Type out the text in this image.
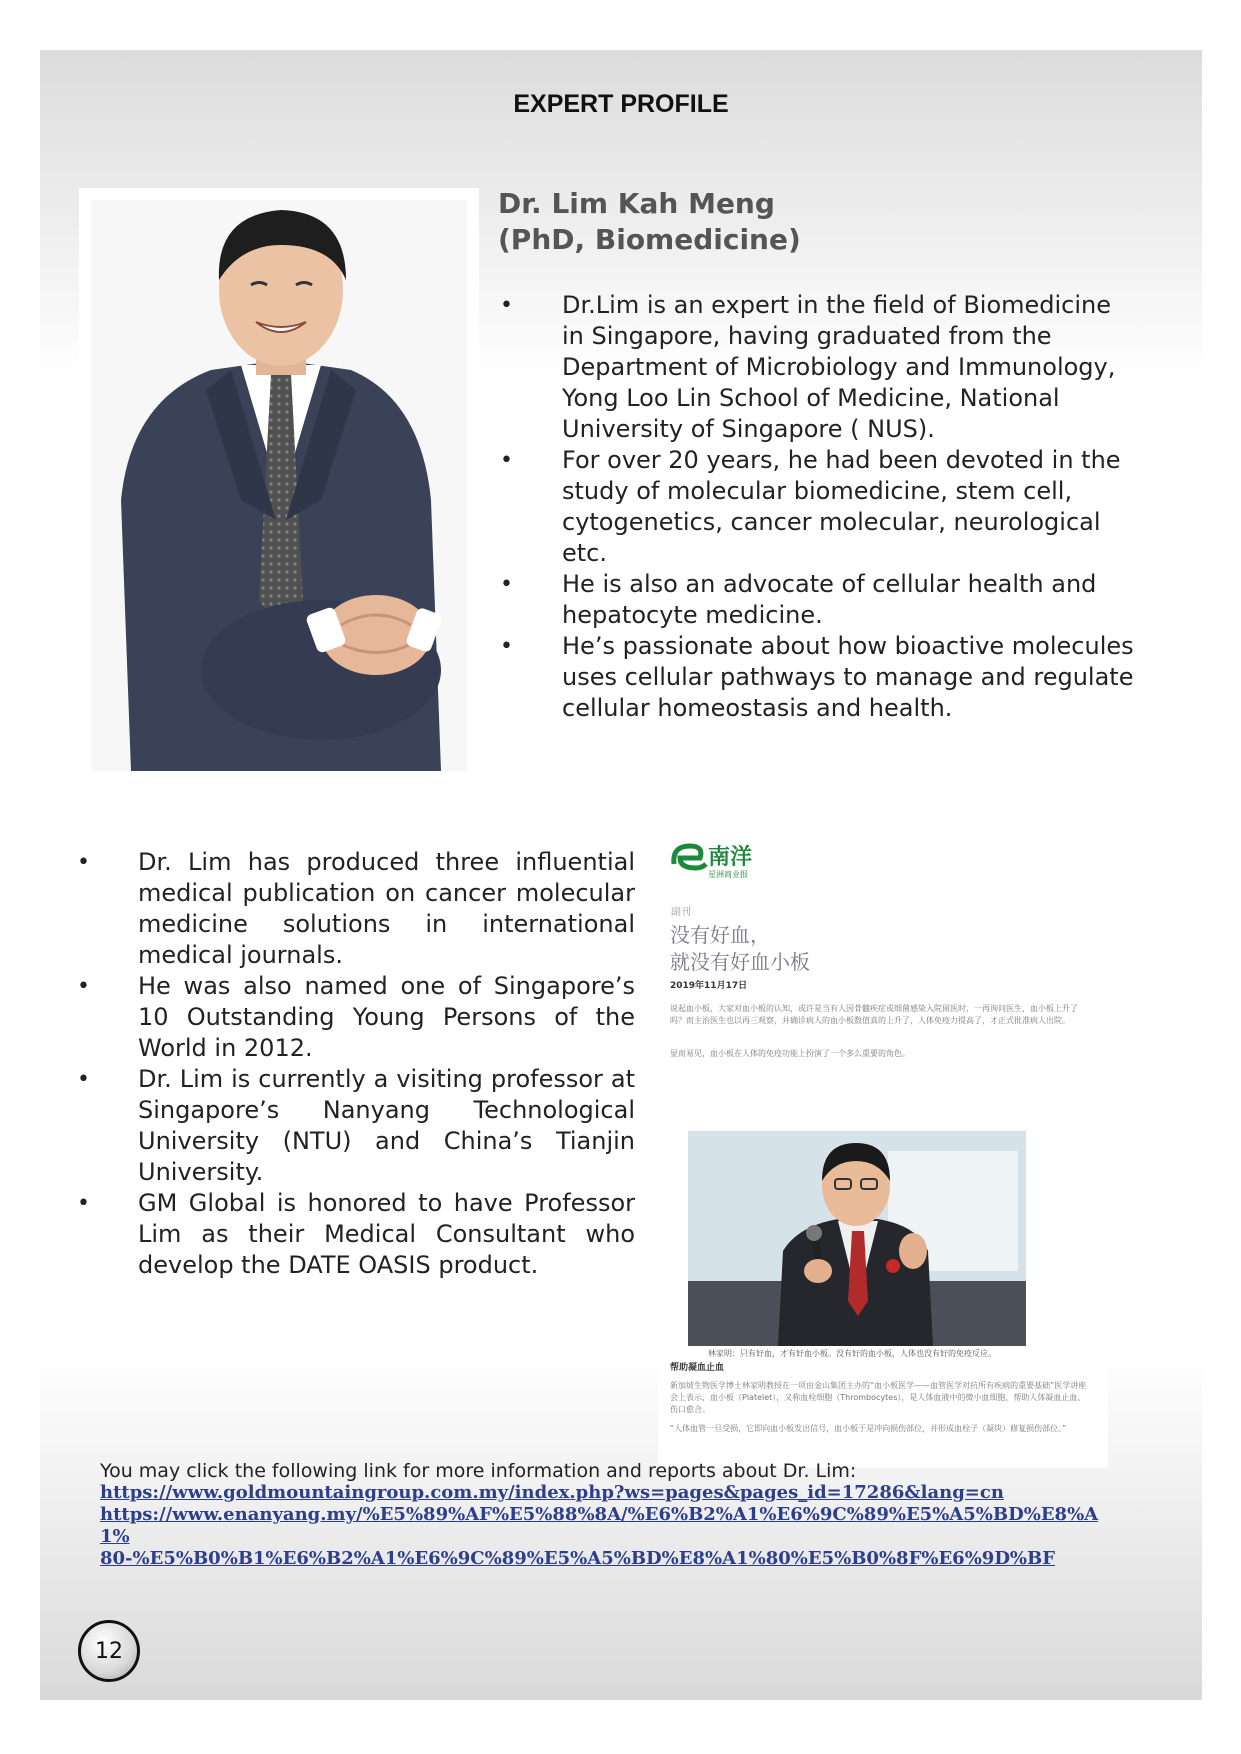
EXPERT PROFILE
Dr. Lim Kah Meng
(PhD, Biomedicine)
• Dr.Lim is an expert in the field of Biomedicine in Singapore, having graduated from the Department of Microbiology and Immunology, Yong Loo Lin School of Medicine, National University of Singapore ( NUS).
• For over 20 years, he had been devoted in the study of molecular biomedicine, stem cell, cytogenetics, cancer molecular, neurological etc.
• He is also an advocate of cellular health and hepatocyte medicine.
• He’s passionate about how bioactive molecules uses cellular pathways to manage and regulate cellular homeostasis and health.
• Dr. Lim has produced three influential medical publication on cancer molecular medicine solutions in international medical journals.
• He was also named one of Singapore’s 10 Outstanding Young Persons of the World in 2012.
• Dr. Lim is currently a visiting professor at Singapore’s Nanyang Technological University (NTU) and China’s Tianjin University.
• GM Global is honored to have Professor Lim as their Medical Consultant who develop the DATE OASIS product.
南洋
星洲商业报
副刊
没有好血，
就没有好血小板
2019年11月17日
说起血小板，大家对血小板的认知，或许是当有人因骨髓疾症或细菌感染入院留医时，一再询问医生，血小板上升了吗？而主治医生也以再三观察，并确诊病人的血小板数值真的上升了，人体免疫力提高了，才正式批准病人出院。
显而易见，血小板在人体的免疫功能上扮演了一个多么重要的角色。
林家明：只有好血，才有好血小板。没有好的血小板，人体也没有好的免疫反应。
帮助凝血止血
新加坡生物医学博士林家明教授在一项由金山集团主办的“血小板医学——血管医学对抗所有疾病的重要基础”医学讲座会上表示，血小板（Platelet），又称血栓细胞（Thrombocytes），是人体血液中的微小血细胞，帮助人体凝血止血、伤口愈合。
“人体血管一旦受损，它即向血小板发出信号，血小板于是冲向损伤部位，并形成血栓子（凝块）修复损伤部位。”
You may click the following link for more information and reports about Dr. Lim:
https://www.goldmountaingroup.com.my/index.php?ws=pages&pages_id=17286&lang=cn
https://www.enanyang.my/%E5%89%AF%E5%88%8A/%E6%B2%A1%E6%9C%89%E5%A5%BD%E8%A1%
80-%E5%B0%B1%E6%B2%A1%E6%9C%89%E5%A5%BD%E8%A1%80%E5%B0%8F%E6%9D%BF
12
